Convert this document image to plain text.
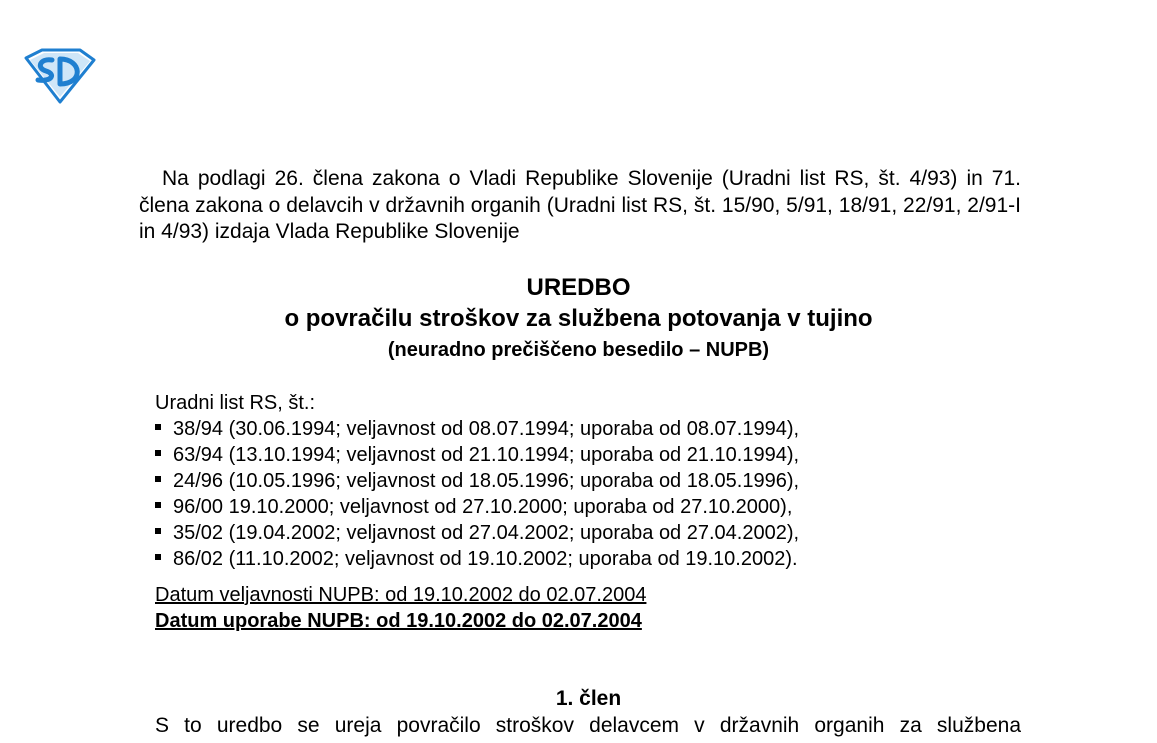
Na podlagi 26. člena zakona o Vladi Republike Slovenije (Uradni list RS, št. 4/93) in 71. člena zakona o delavcih v državnih organih (Uradni list RS, št. 15/90, 5/91, 18/91, 22/91, 2/91-I in 4/93) izdaja Vlada Republike Slovenije

UREDBO

o povračilu stroškov za službena potovanja v tujino

(neuradno prečiščeno besedilo – NUPB)

Uradni list RS, št.:

38/94 (30.06.1994; veljavnost od 08.07.1994; uporaba od 08.07.1994),
63/94 (13.10.1994; veljavnost od 21.10.1994; uporaba od 21.10.1994),
24/96 (10.05.1996; veljavnost od 18.05.1996; uporaba od 18.05.1996),
96/00 19.10.2000; veljavnost od 27.10.2000; uporaba od 27.10.2000),
35/02 (19.04.2002; veljavnost od 27.04.2002; uporaba od 27.04.2002),
86/02 (11.10.2002; veljavnost od 19.10.2002; uporaba od 19.10.2002).

Datum veljavnosti NUPB: od 19.10.2002 do 02.07.2004

Datum uporabe NUPB: od 19.10.2002 do 02.07.2004

1. člen

S to uredbo se ureja povračilo stroškov delavcem v državnih organih za službena
